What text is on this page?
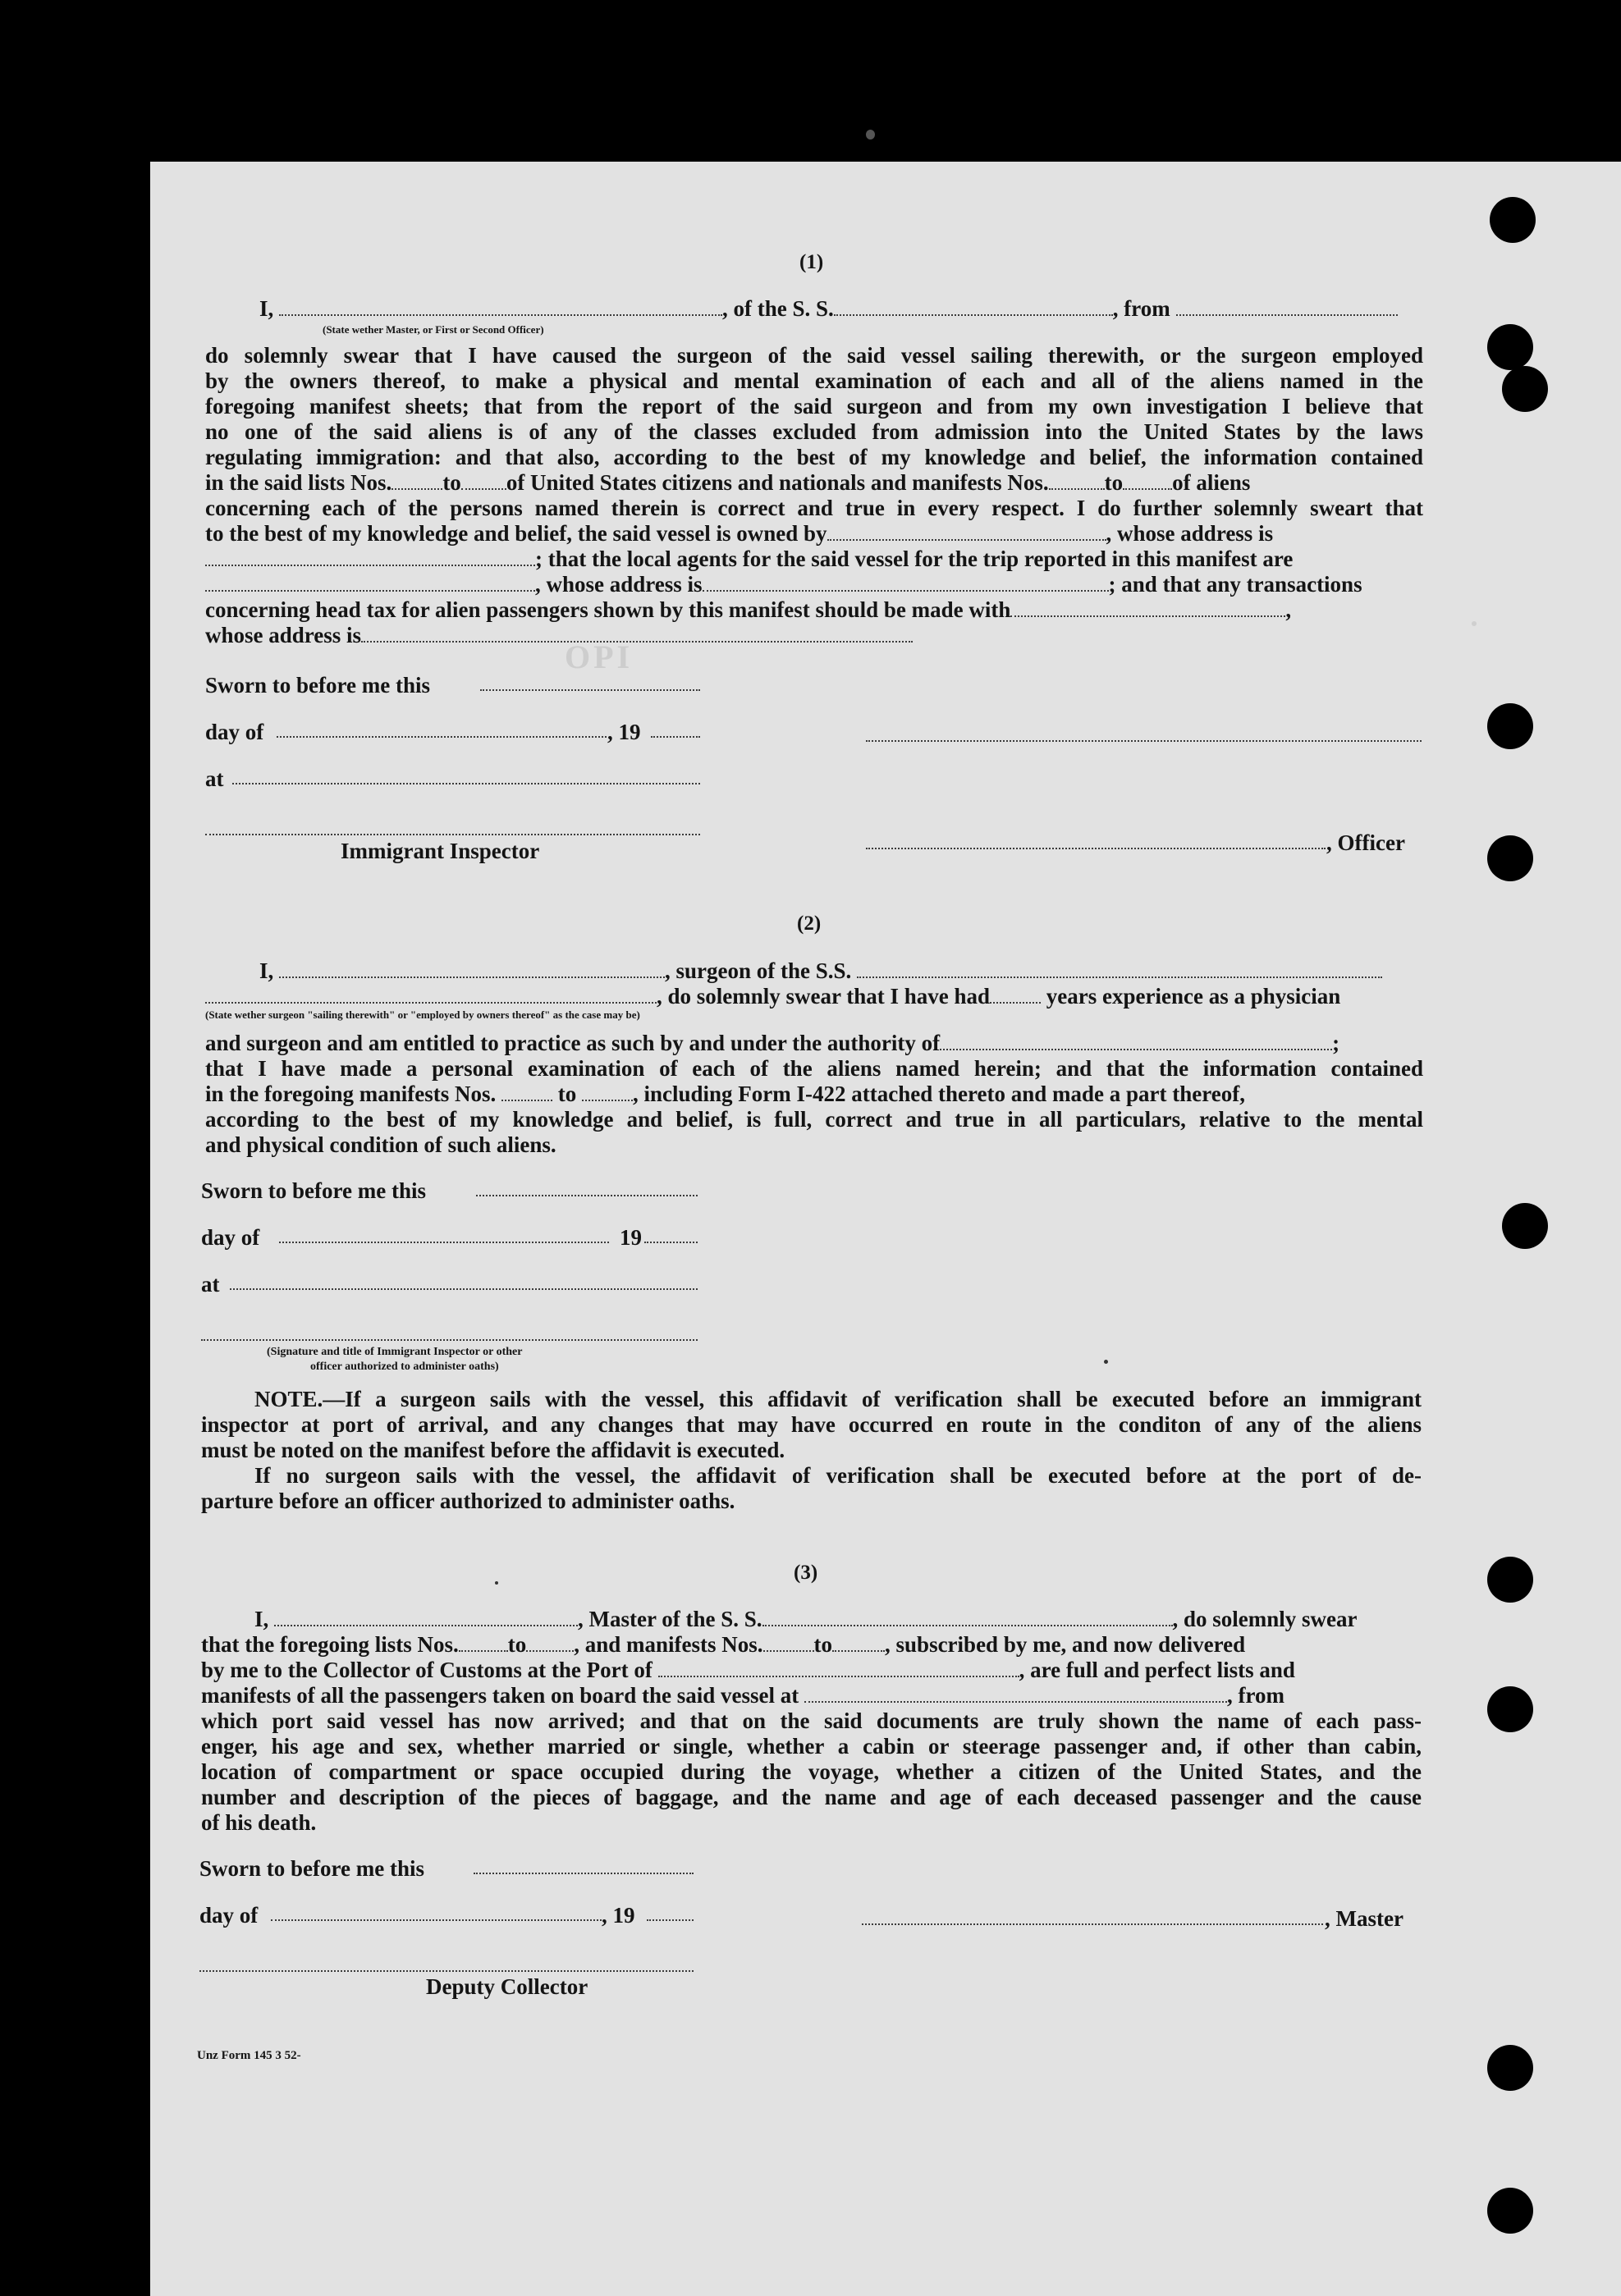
OPI
(1)
I,	, of the S. S.	, from
(State wether Master, or First or Second Officer)
do solemnly swear that I have caused the surgeon of the said vessel sailing therewith, or the surgeon employed
by the owners thereof, to make a physical and mental examination of each and all of the aliens named in the
foregoing manifest sheets; that from the report of the said surgeon and from my own investigation I believe that
no one of the said aliens is of any of the classes excluded from admission into the United States by the laws
regulating immigration: and that also, according to the best of my knowledge and belief, the information contained
in the said lists Nos. to of United States citizens and nationals and manifests Nos.	to of aliens
concerning each of the persons named therein is correct and true in every respect. I do further solemnly sweart that
to the best of my knowledge and belief, the said vessel is owned by	, whose address is
; that the local agents for the said vessel for the trip reported in this manifest are
, whose address is	; and that any transactions
concerning head tax for alien passengers shown by this manifest should be made with	,
whose address is
Sworn to before me this
day of	, 19
at
Immigrant Inspector	, Officer
(2)
I,	, surgeon of the S.S.
, do solemnly swear that I have had	years experience as a physician
(State wether surgeon "sailing therewith" or "employed by owners thereof" as the case may be)
and surgeon and am entitled to practice as such by and under the authority of	;
that I have made a personal examination of each of the aliens named herein; and that the information contained
in the foregoing manifests Nos.	to	, including Form I-422 attached thereto and made a part thereof,
according to the best of my knowledge and belief, is full, correct and true in all particulars, relative to the mental
and physical condition of such aliens.
Sworn to before me this
day of	19
at
(Signature and title of Immigrant Inspector or other
officer authorized to administer oaths)
NOTE.—If a surgeon sails with the vessel, this affidavit of verification shall be executed before an immigrant
inspector at port of arrival, and any changes that may have occurred en route in the conditon of any of the aliens
must be noted on the manifest before the affidavit is executed.
If no surgeon sails with the vessel, the affidavit of verification shall be executed before at the port of de-
parture before an officer authorized to administer oaths.
(3)
I,	, Master of the S. S.	, do solemnly swear
that the foregoing lists Nos. to , and manifests Nos. to , subscribed by me, and now delivered
by me to the Collector of Customs at the Port of	, are full and perfect lists and
manifests of all the passengers taken on board the said vessel at	, from
which port said vessel has now arrived; and that on the said documents are truly shown the name of each pass-
enger, his age and sex, whether married or single, whether a cabin or steerage passenger and, if other than cabin,
location of compartment or space occupied during the voyage, whether a citizen of the United States, and the
number and description of the pieces of baggage, and the name and age of each deceased passenger and the cause
of his death.
Sworn to before me this
day of	, 19	, Master
Deputy Collector
Unz Form 145 3 52-
